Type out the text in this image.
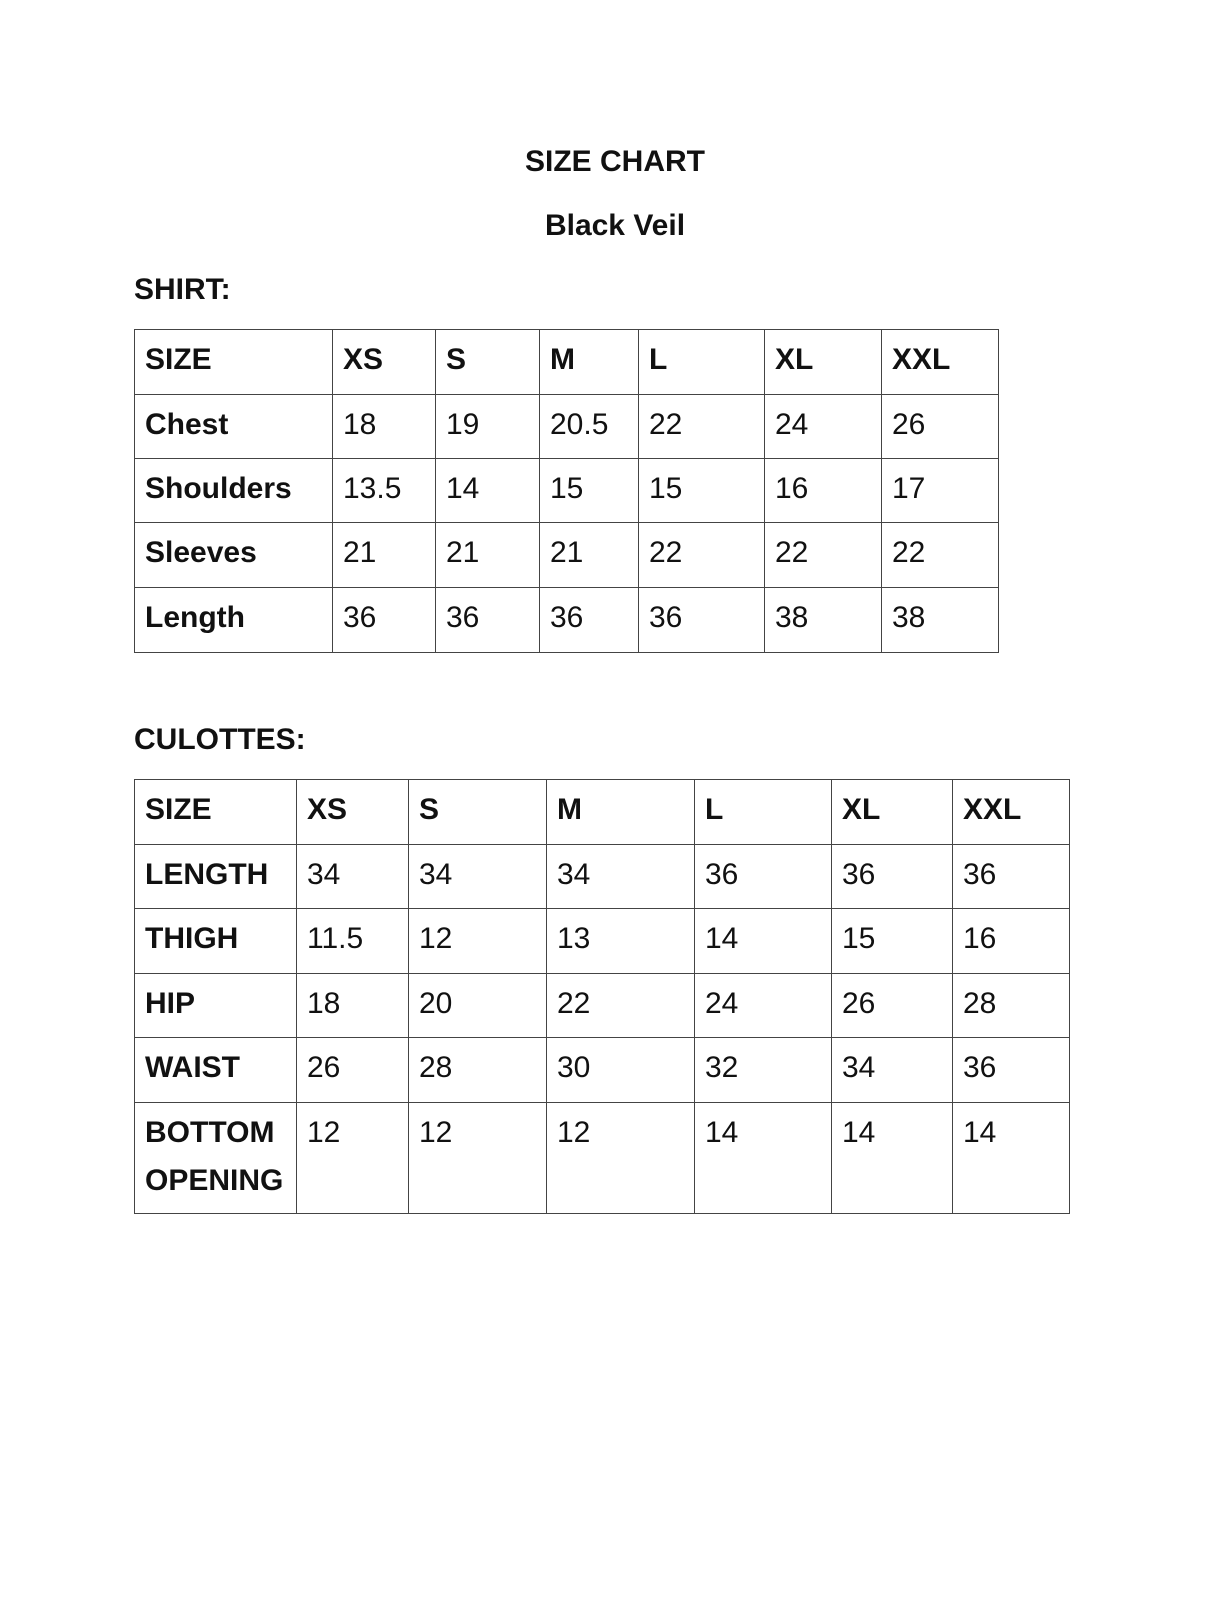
SIZE CHART
Black Veil
SHIRT:
SIZE	XS	S	M	L	XL	XXL
Chest	18	19	20.5	22	24	26
Shoulders	13.5	14	15	15	16	17
Sleeves	21	21	21	22	22	22
Length	36	36	36	36	38	38
CULOTTES:
SIZE	XS	S	M	L	XL	XXL
LENGTH	34	34	34	36	36	36
THIGH	11.5	12	13	14	15	16
HIP	18	20	22	24	26	28
WAIST	26	28	30	32	34	36
BOTTOM OPENING	12	12	12	14	14	14
